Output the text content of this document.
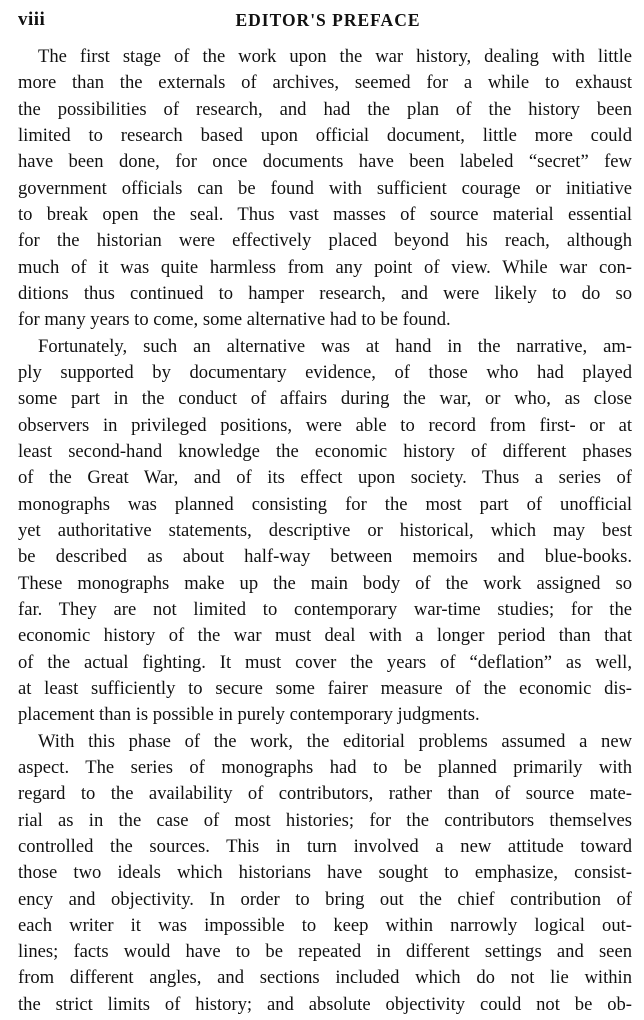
viii	EDITOR'S PREFACE
The first stage of the work upon the war history, dealing with little
more than the externals of archives, seemed for a while to exhaust
the possibilities of research, and had the plan of the history been
limited to research based upon official document, little more could
have been done, for once documents have been labeled “secret” few
government officials can be found with sufficient courage or initiative
to break open the seal. Thus vast masses of source material essential
for the historian were effectively placed beyond his reach, although
much of it was quite harmless from any point of view. While war con-
ditions thus continued to hamper research, and were likely to do so
for many years to come, some alternative had to be found.
Fortunately, such an alternative was at hand in the narrative, am-
ply supported by documentary evidence, of those who had played
some part in the conduct of affairs during the war, or who, as close
observers in privileged positions, were able to record from first- or at
least second-hand knowledge the economic history of different phases
of the Great War, and of its effect upon society. Thus a series of
monographs was planned consisting for the most part of unofficial
yet authoritative statements, descriptive or historical, which may best
be described as about half-way between memoirs and blue-books.
These monographs make up the main body of the work assigned so
far. They are not limited to contemporary war-time studies; for the
economic history of the war must deal with a longer period than that
of the actual fighting. It must cover the years of “deflation” as well,
at least sufficiently to secure some fairer measure of the economic dis-
placement than is possible in purely contemporary judgments.
With this phase of the work, the editorial problems assumed a new
aspect. The series of monographs had to be planned primarily with
regard to the availability of contributors, rather than of source mate-
rial as in the case of most histories; for the contributors themselves
controlled the sources. This in turn involved a new attitude toward
those two ideals which historians have sought to emphasize, consist-
ency and objectivity. In order to bring out the chief contribution of
each writer it was impossible to keep within narrowly logical out-
lines; facts would have to be repeated in different settings and seen
from different angles, and sections included which do not lie within
the strict limits of history; and absolute objectivity could not be ob-
